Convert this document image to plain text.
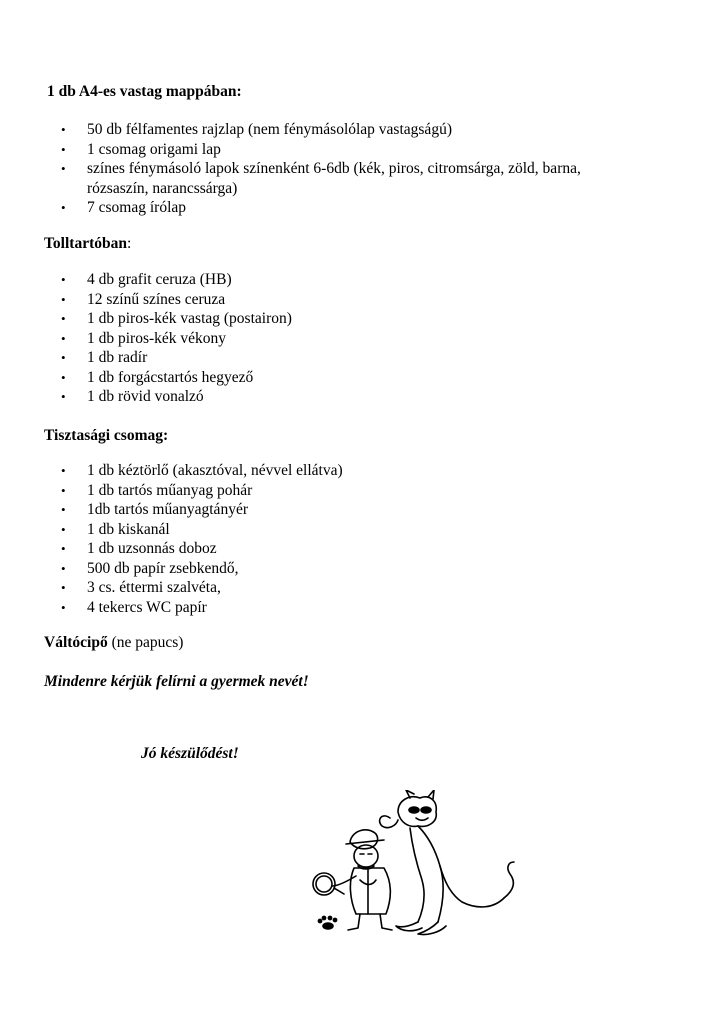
1 db A4-es vastag mappában:

• 50 db félfamentes rajzlap (nem fénymásolólap vastagságú)
• 1 csomag origami lap
• színes fénymásoló lapok színenként 6-6db (kék, piros, citromsárga, zöld, barna, rózsaszín, narancssárga)
• 7 csomag írólap

Tolltartóban:

• 4 db grafit ceruza (HB)
• 12 színű színes ceruza
• 1 db piros-kék vastag (postairon)
• 1 db piros-kék vékony
• 1 db radír
• 1 db forgácstartós hegyező
• 1 db rövid vonalzó

Tisztasági csomag:

• 1 db kéztörlő (akasztóval, névvel ellátva)
• 1 db tartós műanyag pohár
• 1db tartós műanyagtányér
• 1 db kiskanál
• 1 db uzsonnás doboz
• 500 db papír zsebkendő,
• 3 cs. éttermi szalvéta,
• 4 tekercs WC papír

Váltócipő (ne papucs)

Mindenre kérjük felírni a gyermek nevét!

Jó készülődést!
